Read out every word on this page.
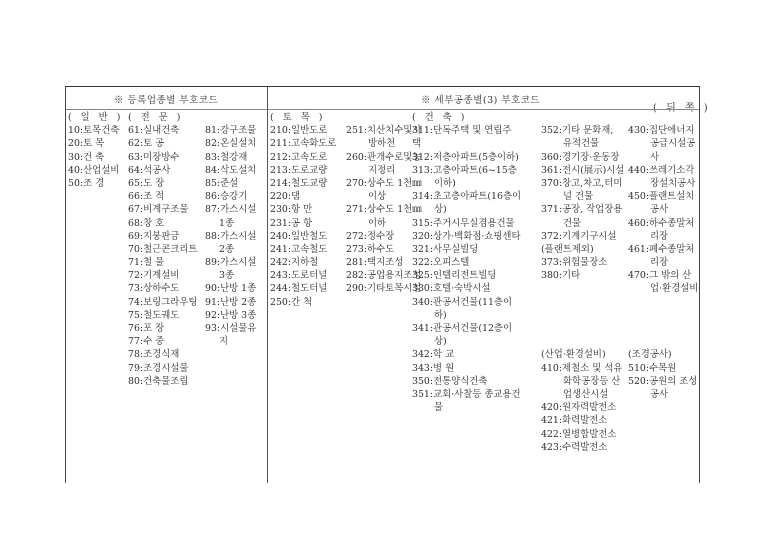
( 뒤 쪽 )
※ 등록업종별 부호코드	※ 세부공종별(3) 부호코드
( 일 반 )
10:토목건축
20:토 목
30:건 축
40:산업설비
50:조 경
( 전 문 )
61:실내건축
62:토 공
63:미장방수
64:석공사
65:도 장
66:조 적
67:비계구조물
68:창 호
69:지붕판금
70:철근콘크리트
71:철 물
72:기계설비
73:상하수도
74:보링그라우팅
75:철도궤도
76:포 장
77:수 중
78:조경식재
79:조경시설물
80:건축물조립
81:강구조물
82:온실설치
83:철강재
84:삭도설치
85:준설
86:승강기
87:가스시설
1종
88:가스시설
2종
89:가스시설
3종
90:난방 1종
91:난방 2종
92:난방 3종
93:시설물유
지
( 토 목 )
210:일반도로
211:고속화도로
212:고속도로
213:도로교량
214:철도교량
220:댐
230:항 만
231:공 항
240:일반철도
241:고속철도
242:지하철
243:도로터널
244:철도터널
250:간 척
251:치산치수및사
방하천
260:관개수로및농
지정리
270:상수도 1천㎜
이상
271:상수도 1천㎜
이하
272:정수장
273:하수도
281:택지조성
282:공업용지조성
290:기타토목시설
( 건 축 )
311:단독주택 및 연립주
택
312:저층아파트(5층이하)
313:고층아파트(6~15층
이하)
314:초고층아파트(16층이
상)
315:주거시무실겸용건물
320:상가·백화점·쇼핑센타
321:사무실빌딩
322:오피스텔
325:인텔리전트빌딩
330:호텔·숙박시설
340:관공서건물(11층이
하)
341:관공서건물(12층이
상)
342:학 교
343:병 원
350:전통양식건축
351:교회·사찰등 종교용건
물
352:기타 문화재,
유적건물
360:경기장·운동장
361:전시(展示)시설
370:창고,차고,터미
널 건물
371:공장, 작업장용
건물
372:기계기구시설
(플랜트제외)
373:위험물장소
380:기타
(산업·환경설비)
410:제철소 및 석유
화학공장등 산
업생산시설
420:원자력발전소
421:화력발전소
422:열병합발전소
423:수력발전소
430:집단에너지
공급시설공
사
440:쓰레기소각
장설치공사
450:플랜트설치
공사
460:하수종말처
리장
461:폐수종말처
리장
470:그 밖의 산
업·환경설비
(조경공사)
510:수목원
520:공원의 조성
공사
